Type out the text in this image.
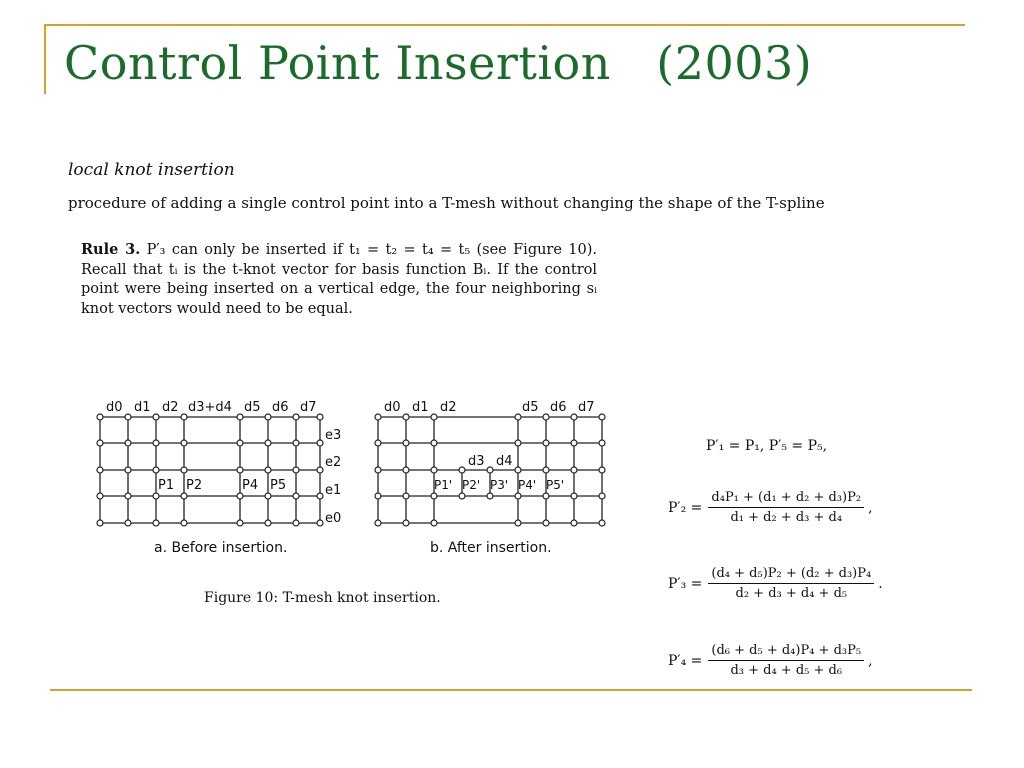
Control Point Insertion   (2003)
local knot insertion
procedure of adding a single control point into a T-mesh without changing the shape of the T-spline
Rule 3. P′₃ can only be inserted if t₁ = t₂ = t₄ = t₅ (see Figure 10). Recall that tᵢ is the t-knot vector for basis function Bᵢ. If the control point were being inserted on a vertical edge, the four neighboring sᵢ knot vectors would need to be equal.
d0 d1 d2 d3+d4 d5 d6 d7
e3
e2
e1
e0
P1 P2	P4 P5
d0 d1 d2	d5 d6 d7
d3 d4
P1' P2' P3' P4' P5'
a. Before insertion.	b. After insertion.
Figure 10: T-mesh knot insertion.
P′₁ = P₁, P′₅ = P₅,
$P'_2 = \frac{\text{d₄P₁ + (d₁ + d₂ + d₃)P₂}}{\text{d₁ + d₂ + d₃ + d₄}}$ ,
$P'_3 = \frac{\text{(d₄ + d₅)P₂ + (d₂ + d₃)P₄}}{\text{d₂ + d₃ + d₄ + d₅}}$ .
$P'_4 = \frac{\text{(d₆ + d₅ + d₄)P₄ + d₃P₅}}{\text{d₃ + d₄ + d₅ + d₆}}$ ,
